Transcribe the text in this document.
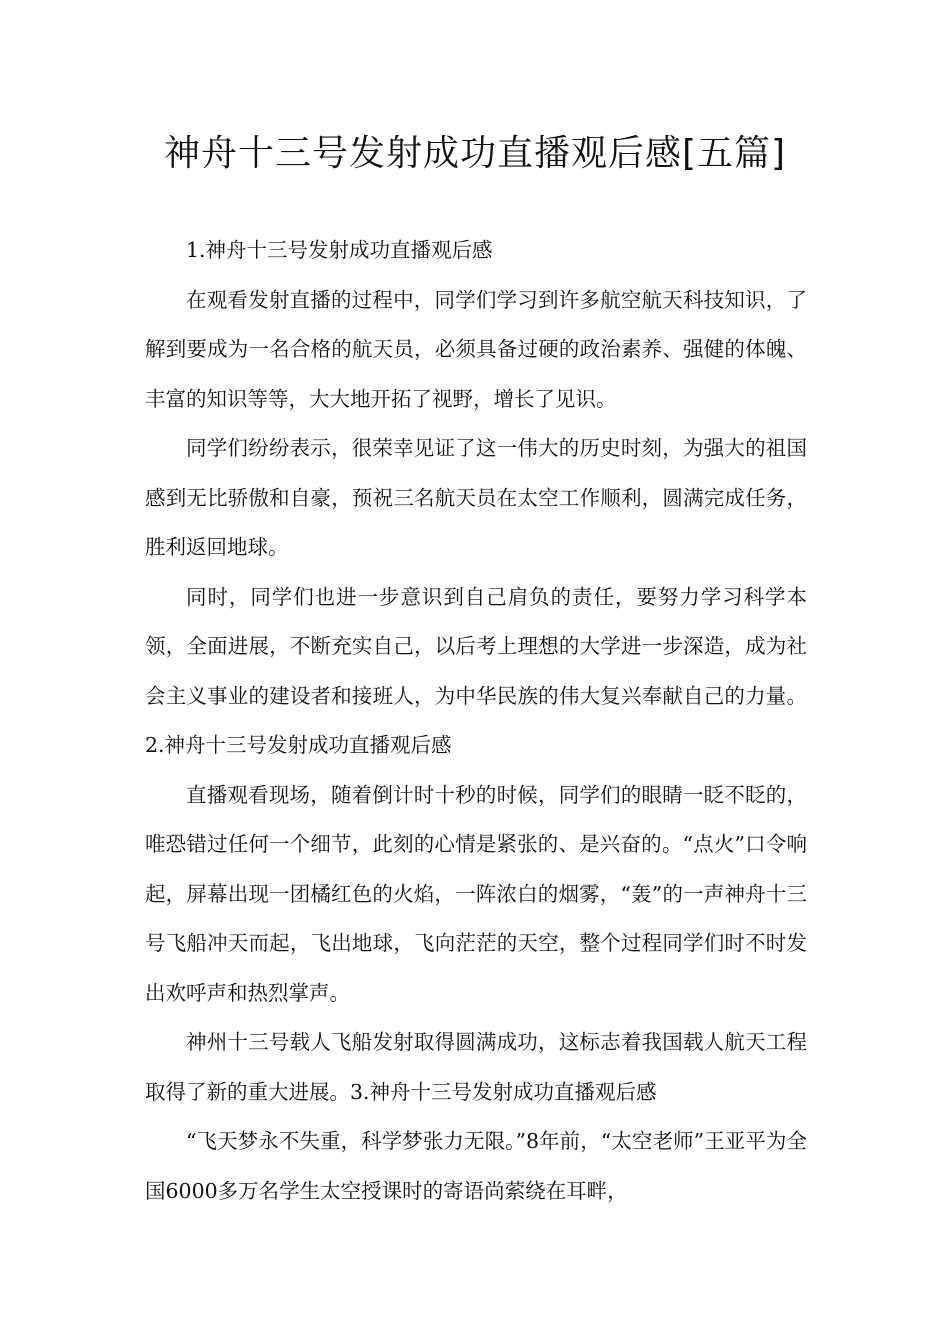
神舟十三号发射成功直播观后感[五篇]

1.神舟十三号发射成功直播观后感

在观看发射直播的过程中，同学们学习到许多航空航天科技知识，了解到要成为一名合格的航天员，必须具备过硬的政治素养、强健的体魄、丰富的知识等等，大大地开拓了视野，增长了见识。

同学们纷纷表示，很荣幸见证了这一伟大的历史时刻，为强大的祖国感到无比骄傲和自豪，预祝三名航天员在太空工作顺利，圆满完成任务，胜利返回地球。

同时，同学们也进一步意识到自己肩负的责任，要努力学习科学本领，全面进展，不断充实自己，以后考上理想的大学进一步深造，成为社会主义事业的建设者和接班人，为中华民族的伟大复兴奉献自己的力量。2.神舟十三号发射成功直播观后感

直播观看现场，随着倒计时十秒的时候，同学们的眼睛一眨不眨的，唯恐错过任何一个细节，此刻的心情是紧张的、是兴奋的。“点火”口令响起，屏幕出现一团橘红色的火焰，一阵浓白的烟雾，“轰”的一声神舟十三号飞船冲天而起，飞出地球，飞向茫茫的天空，整个过程同学们时不时发出欢呼声和热烈掌声。

神州十三号载人飞船发射取得圆满成功，这标志着我国载人航天工程取得了新的重大进展。3.神舟十三号发射成功直播观后感

“飞天梦永不失重，科学梦张力无限。”8年前，“太空老师”王亚平为全国6000多万名学生太空授课时的寄语尚萦绕在耳畔，
